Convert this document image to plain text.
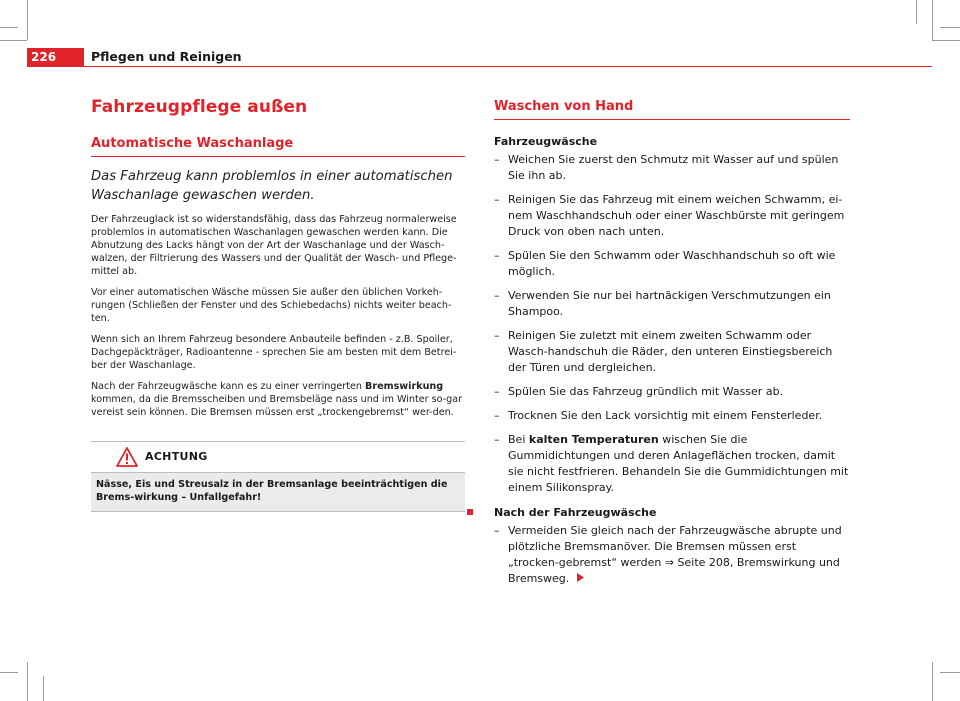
226	Pflegen und Reinigen
Fahrzeugpflege außen
Automatische Waschanlage
Das Fahrzeug kann problemlos in einer automatischen Waschanlage gewaschen werden.
Der Fahrzeuglack ist so widerstandsfähig, dass das Fahrzeug normalerweise problemlos in automatischen Waschanlagen gewaschen werden kann. Die Abnutzung des Lacks hängt von der Art der Waschanlage und der Wasch-walzen, der Filtrierung des Wassers und der Qualität der Wasch- und Pflege-mittel ab.
Vor einer automatischen Wäsche müssen Sie außer den üblichen Vorkeh-rungen (Schließen der Fenster und des Schiebedachs) nichts weiter beach-ten.
Wenn sich an Ihrem Fahrzeug besondere Anbauteile befinden - z.B. Spoiler, Dachgepäckträger, Radioantenne - sprechen Sie am besten mit dem Betrei-ber der Waschanlage.
Nach der Fahrzeugwäsche kann es zu einer verringerten Bremswirkung kommen, da die Bremsscheiben und Bremsbeläge nass und im Winter so-gar vereist sein können. Die Bremsen müssen erst „trockengebremst“ wer-den.
ACHTUNG
Nässe, Eis und Streusalz in der Bremsanlage beeinträchtigen die Brems-wirkung – Unfallgefahr!
Waschen von Hand
Fahrzeugwäsche
– Weichen Sie zuerst den Schmutz mit Wasser auf und spülen Sie ihn ab.
– Reinigen Sie das Fahrzeug mit einem weichen Schwamm, ei-nem Waschhandschuh oder einer Waschbürste mit geringem Druck von oben nach unten.
– Spülen Sie den Schwamm oder Waschhandschuh so oft wie möglich.
– Verwenden Sie nur bei hartnäckigen Verschmutzungen ein Shampoo.
– Reinigen Sie zuletzt mit einem zweiten Schwamm oder Wasch-handschuh die Räder, den unteren Einstiegsbereich der Türen und dergleichen.
– Spülen Sie das Fahrzeug gründlich mit Wasser ab.
– Trocknen Sie den Lack vorsichtig mit einem Fensterleder.
– Bei kalten Temperaturen wischen Sie die Gummidichtungen und deren Anlageflächen trocken, damit sie nicht festfrieren. Behandeln Sie die Gummidichtungen mit einem Silikonspray.
Nach der Fahrzeugwäsche
– Vermeiden Sie gleich nach der Fahrzeugwäsche abrupte und plötzliche Bremsmanöver. Die Bremsen müssen erst „trocken-gebremst“ werden ⇒ Seite 208, Bremswirkung und Bremsweg.
